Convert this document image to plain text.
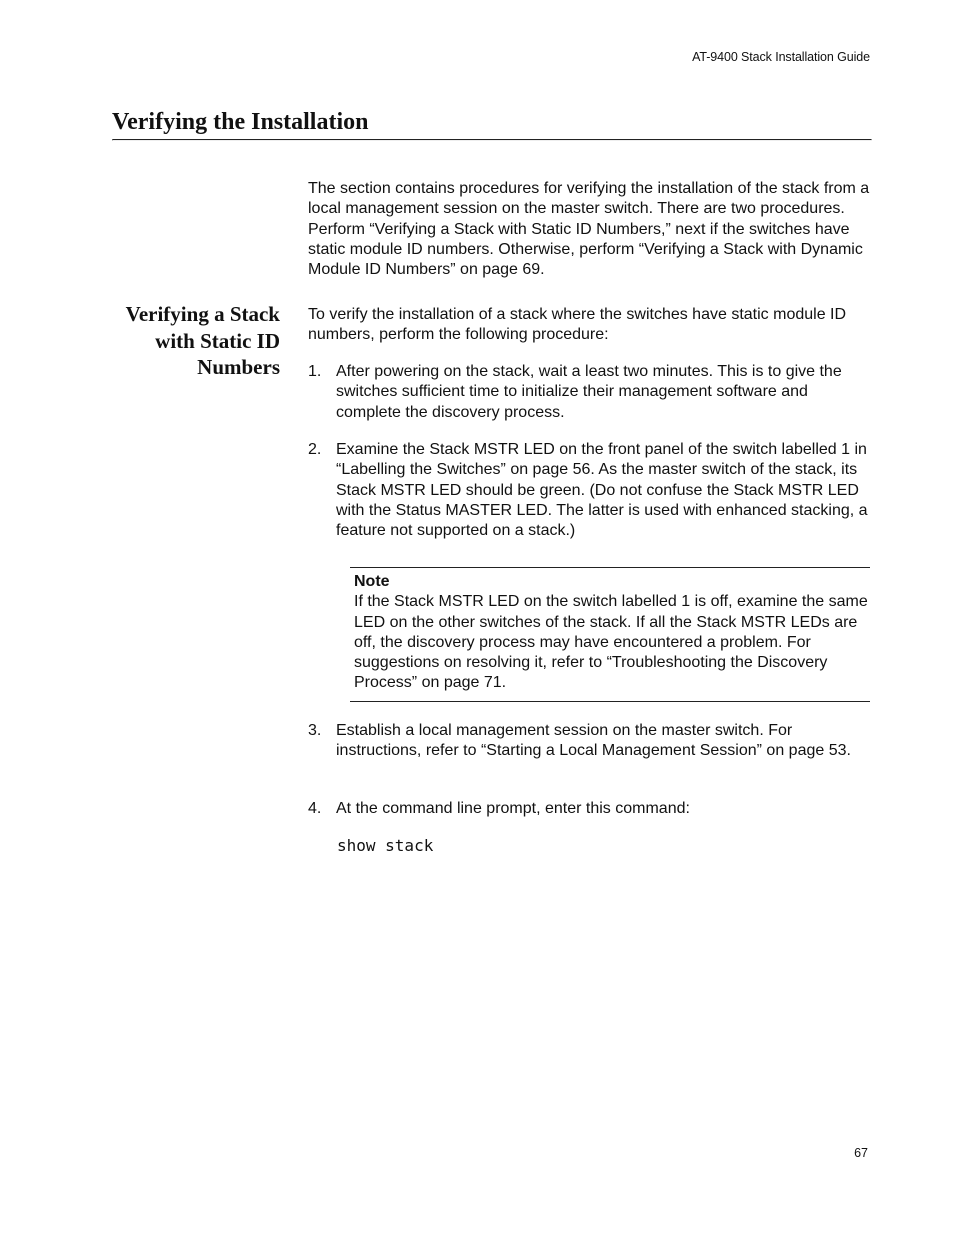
AT-9400 Stack Installation Guide
Verifying the Installation

The section contains procedures for verifying the installation of the stack from a local management session on the master switch. There are two procedures. Perform “Verifying a Stack with Static ID Numbers,” next if the switches have static module ID numbers. Otherwise, perform “Verifying a Stack with Dynamic Module ID Numbers” on page 69.

Verifying a Stack
with Static ID
Numbers

To verify the installation of a stack where the switches have static module ID numbers, perform the following procedure:

1. After powering on the stack, wait a least two minutes. This is to give the switches sufficient time to initialize their management software and complete the discovery process.
2. Examine the Stack MSTR LED on the front panel of the switch labelled 1 in “Labelling the Switches” on page 56. As the master switch of the stack, its Stack MSTR LED should be green. (Do not confuse the Stack MSTR LED with the Status MASTER LED. The latter is used with enhanced stacking, a feature not supported on a stack.)
Note
If the Stack MSTR LED on the switch labelled 1 is off, examine the same LED on the other switches of the stack. If all the Stack MSTR LEDs are off, the discovery process may have encountered a problem. For suggestions on resolving it, refer to “Troubleshooting the Discovery Process” on page 71.
3. Establish a local management session on the master switch. For instructions, refer to “Starting a Local Management Session” on page 53.
4. At the command line prompt, enter this command:
show stack
67
